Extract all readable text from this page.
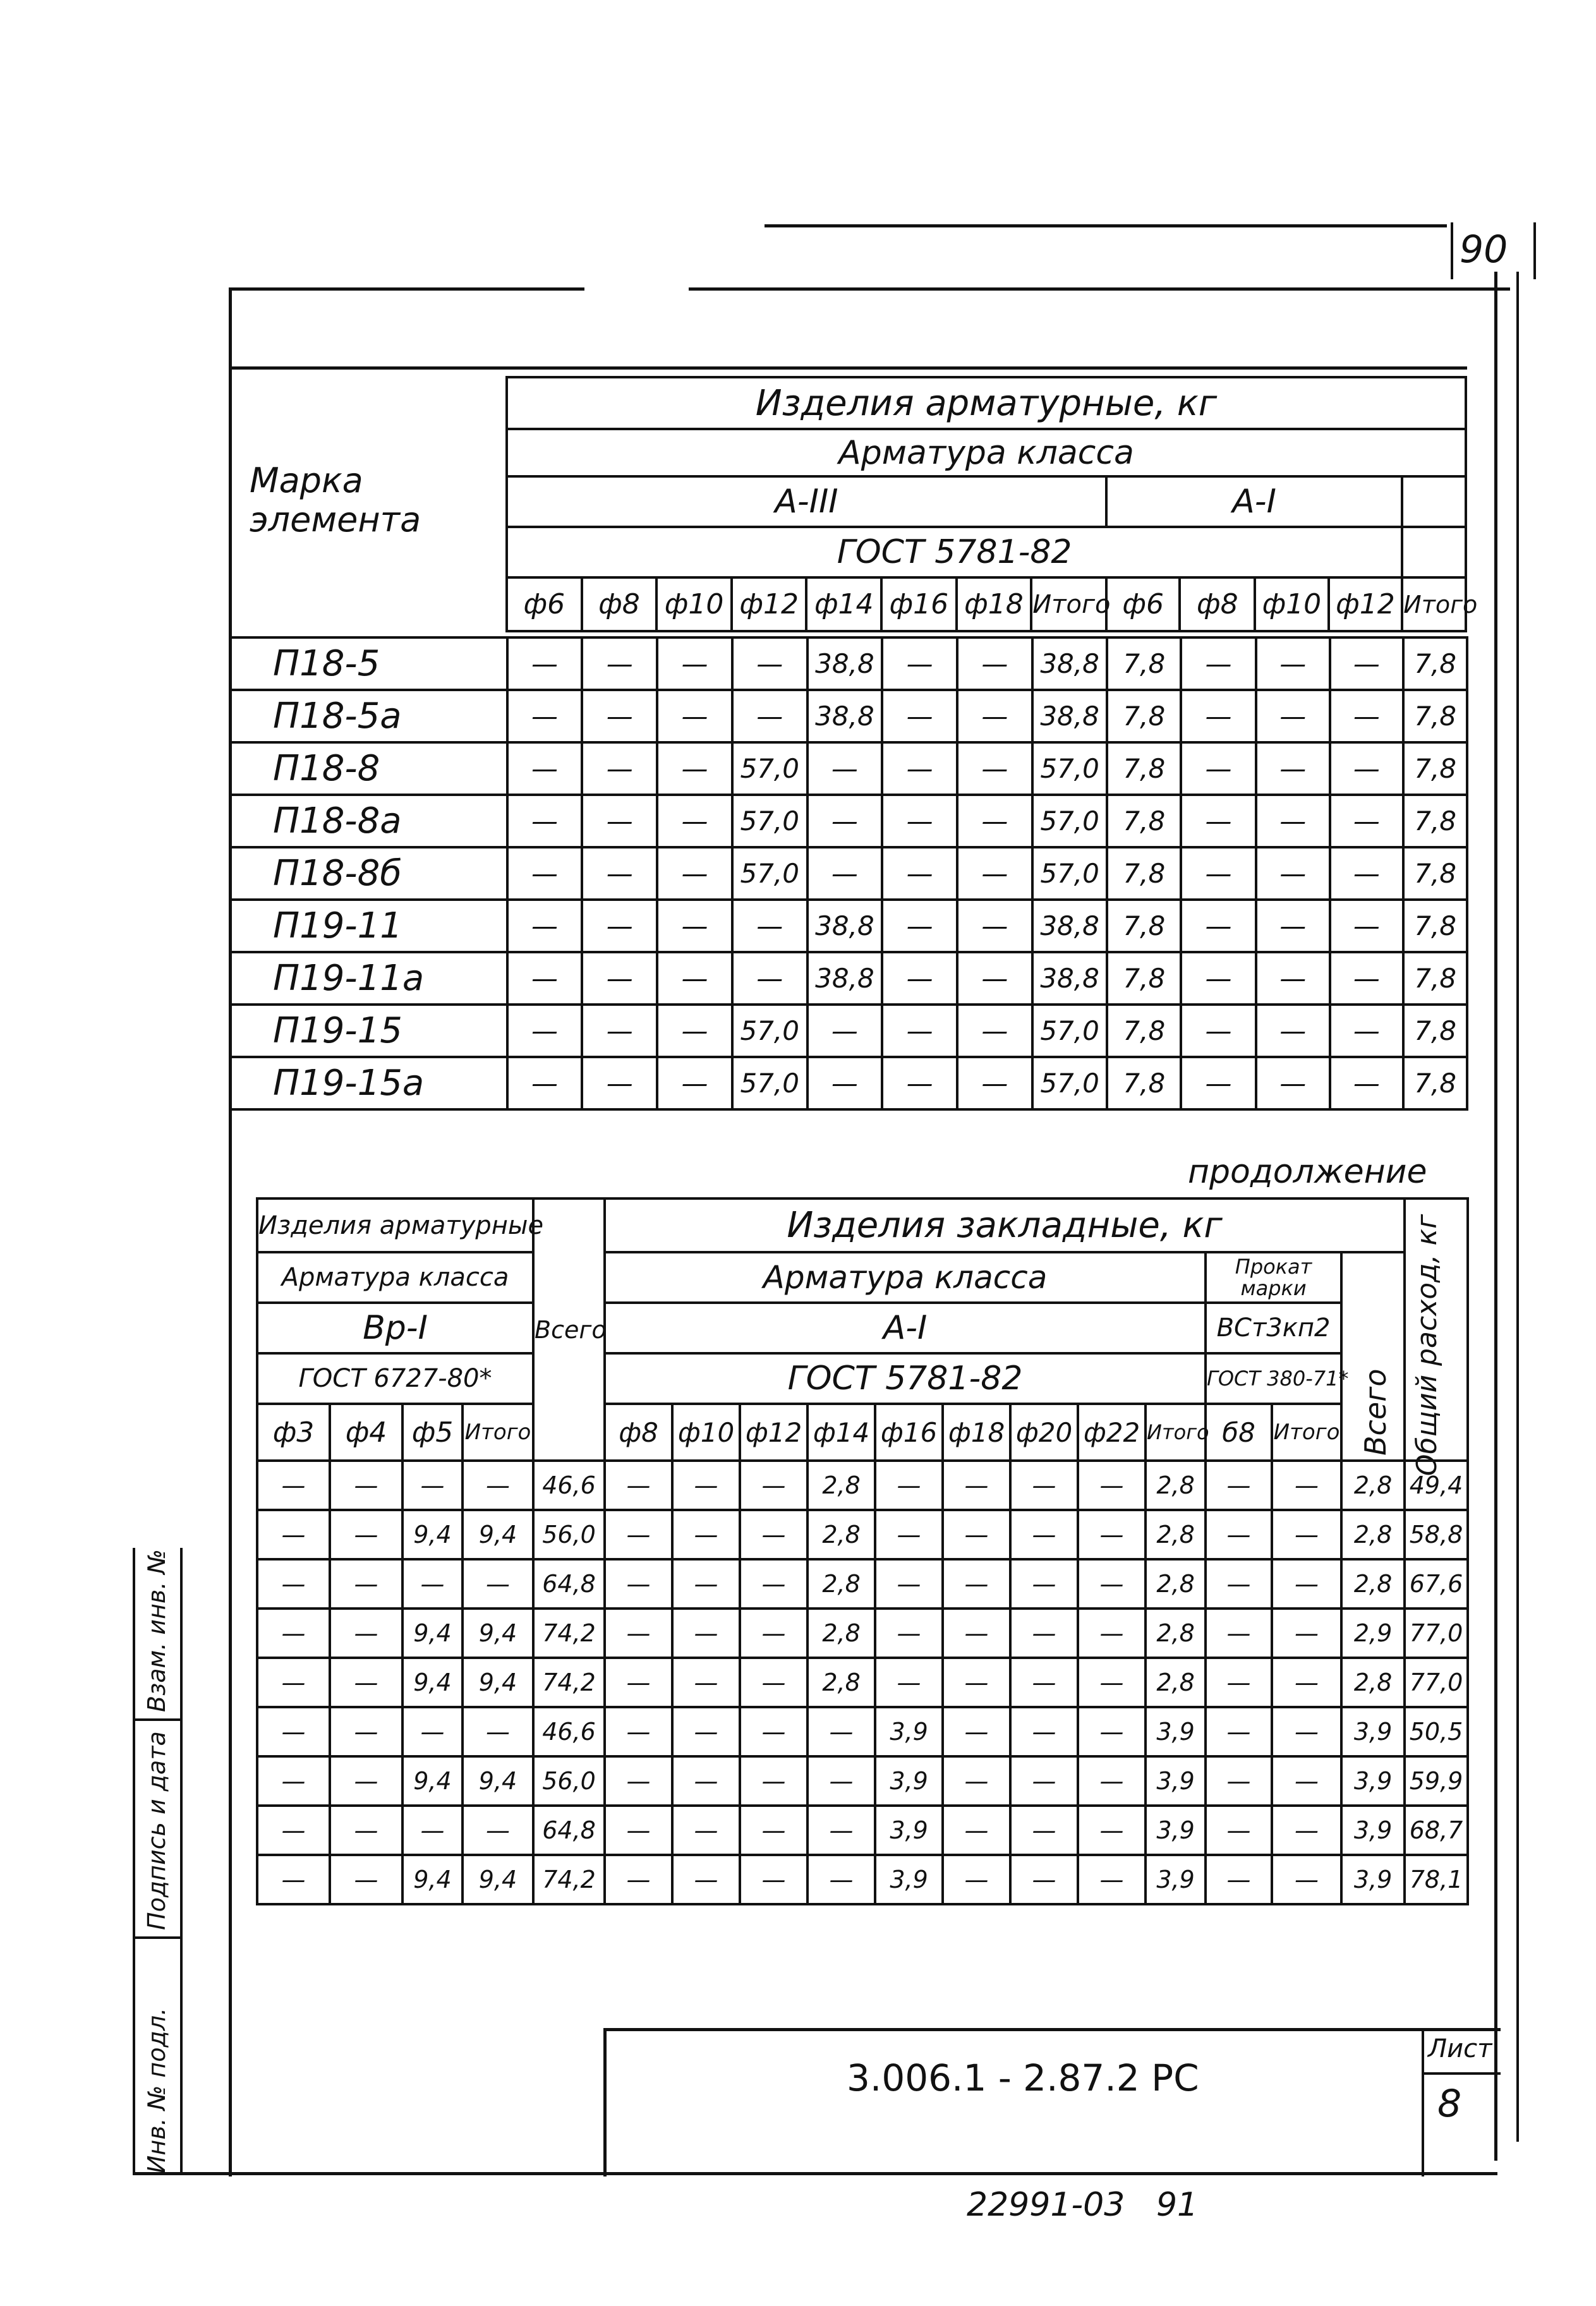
90
Марка элемента
Изделия арматурные, кг												
Арматура класса												
A-III								A-I				
ГОСТ 5781-82												
ф6	ф8	ф10	ф12	ф14	ф16	ф18	Итого	ф6	ф8	ф10	ф12	Итого
П18-5	—	—	—	—	38,8	—	—	38,8	7,8	—	—	—	7,8
П18-5а	—	—	—	—	38,8	—	—	38,8	7,8	—	—	—	7,8
П18-8	—	—	—	57,0	—	—	—	57,0	7,8	—	—	—	7,8
П18-8а	—	—	—	57,0	—	—	—	57,0	7,8	—	—	—	7,8
П18-8б	—	—	—	57,0	—	—	—	57,0	7,8	—	—	—	7,8
П19-11	—	—	—	—	38,8	—	—	38,8	7,8	—	—	—	7,8
П19-11а	—	—	—	—	38,8	—	—	38,8	7,8	—	—	—	7,8
П19-15	—	—	—	57,0	—	—	—	57,0	7,8	—	—	—	7,8
П19-15а	—	—	—	57,0	—	—	—	57,0	7,8	—	—	—	7,8
продолжение
Изделия арматурные				Всего	Изделия закладные, кг												Общий расход, кг

Арматура класса					Арматура класса									Прокат марки		Всего	

Вр-I					A-I									ВСт3кп2			
ГОСТ 6727-80*					ГОСТ 5781-82									ГОСТ 380-71*			
ф3	ф4	ф5	Итого		ф8	ф10	ф12	ф14	ф16	ф18	ф20	ф22	Итого	б8	Итого		
—	—	—	—	46,6	—	—	—	2,8	—	—	—	—	2,8	—	—	2,8	49,4
—	—	9,4	9,4	56,0	—	—	—	2,8	—	—	—	—	2,8	—	—	2,8	58,8
—	—	—	—	64,8	—	—	—	2,8	—	—	—	—	2,8	—	—	2,8	67,6
—	—	9,4	9,4	74,2	—	—	—	2,8	—	—	—	—	2,8	—	—	2,9	77,0
—	—	9,4	9,4	74,2	—	—	—	2,8	—	—	—	—	2,8	—	—	2,8	77,0
—	—	—	—	46,6	—	—	—	—	3,9	—	—	—	3,9	—	—	3,9	50,5
—	—	9,4	9,4	56,0	—	—	—	—	3,9	—	—	—	3,9	—	—	3,9	59,9
—	—	—	—	64,8	—	—	—	—	3,9	—	—	—	3,9	—	—	3,9	68,7
—	—	9,4	9,4	74,2	—	—	—	—	3,9	—	—	—	3,9	—	—	3,9	78,1
Инв. № подл.
Подпись и дата
Взам. инв. №
3.006.1 - 2.87.2 РС
Лист
8
22991-03   91
